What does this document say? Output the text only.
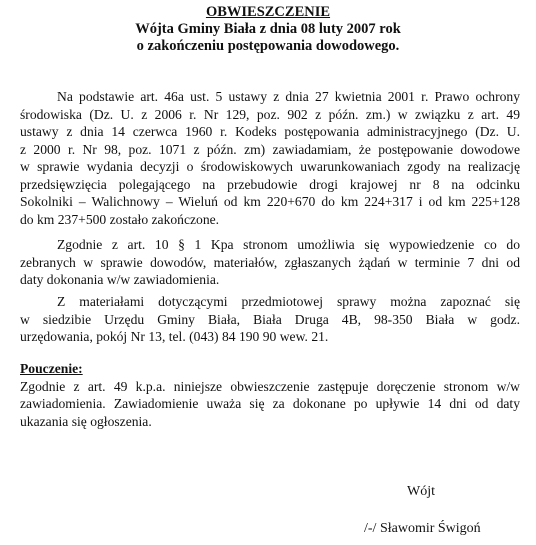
OBWIESZCZENIE

Wójta Gminy Biała z dnia 08 luty 2007 rok

o zakończeniu postępowania dowodowego.

Na podstawie art. 46a ust. 5 ustawy z dnia 27 kwietnia 2001 r. Prawo ochrony
środowiska (Dz. U. z 2006 r. Nr 129, poz. 902 z późn. zm.) w związku z art. 49
ustawy z dnia 14 czerwca 1960 r. Kodeks postępowania administracyjnego (Dz. U.
z 2000 r. Nr 98, poz. 1071 z późn. zm) zawiadamiam, że postępowanie dowodowe
w sprawie wydania decyzji o środowiskowych uwarunkowaniach zgody na realizację
przedsięwzięcia polegającego na przebudowie drogi krajowej nr 8 na odcinku
Sokolniki – Walichnowy – Wieluń od km 220+670 do km 224+317 i od km 225+128
do km 237+500 zostało zakończone.
Zgodnie z art. 10 § 1 Kpa stronom umożliwia się wypowiedzenie co do
zebranych w sprawie dowodów, materiałów, zgłaszanych żądań w terminie 7 dni od
daty dokonania w/w zawiadomienia.
Z materiałami dotyczącymi przedmiotowej sprawy można zapoznać się
w siedzibie Urzędu Gminy Biała, Biała Druga 4B, 98-350 Biała w godz.
urzędowania, pokój Nr 13, tel. (043) 84 190 90 wew. 21.
Pouczenie:
Zgodnie z art. 49 k.p.a. niniejsze obwieszczenie zastępuje doręczenie stronom w/w
zawiadomienia. Zawiadomienie uważa się za dokonane po upływie 14 dni od daty
ukazania się ogłoszenia.

Wójt

/-/ Sławomir Świgoń
